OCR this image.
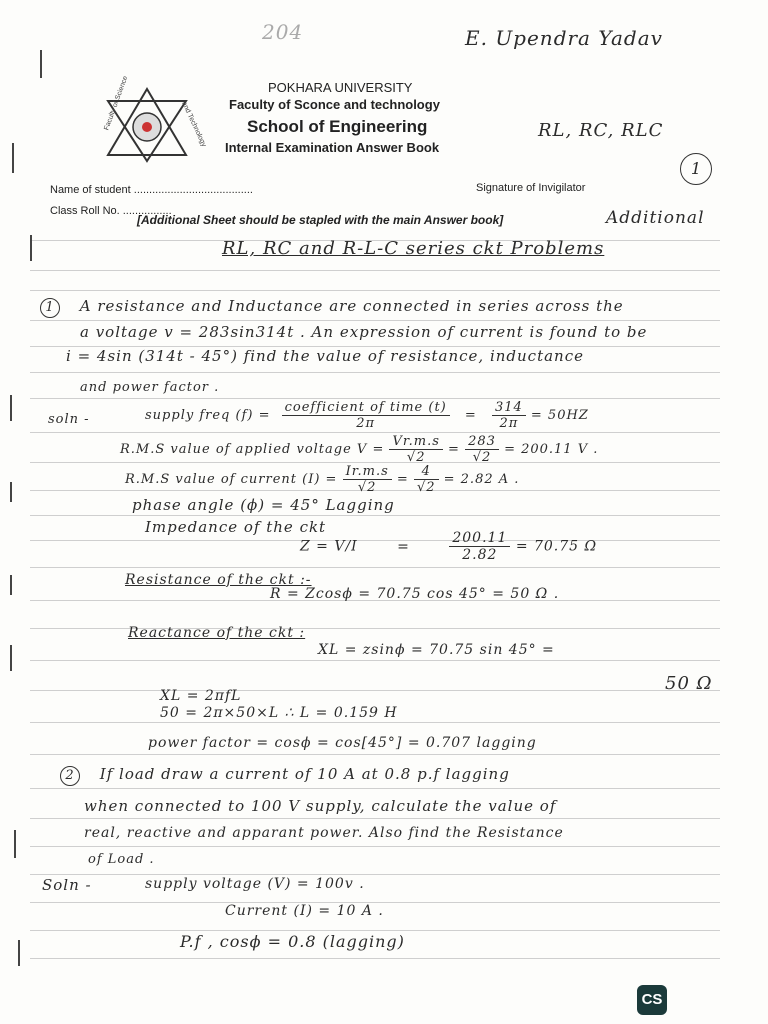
204	E. Upendra Yadav
Faculty of Science	and Technology
POKHARA UNIVERSITY
Faculty of Sconce and technology
School of Engineering
Internal Examination Answer Book
RL, RC, RLC
1
Name of student .......................................
Class Roll No. ................
Signature of Invigilator
[Additional Sheet should be stapled with the main Answer book]	Additional
RL, RC and R-L-C series ckt Problems
1 A resistance and Inductance are connected in series across the
a voltage v = 283sin314t . An expression of current is found to be
i = 4sin (314t - 45°) find the value of resistance, inductance
and power factor .
soln -	supply freq $(f) = \frac{\text{coefficient of time (t)}}{2\pi} = \frac{314}{2\pi} = 50HZ$
R.M.S value of applied voltage $V = \frac{Vr.m.s}{√2} = \frac{283}{√2} = 200.11$ V .
R.M.S value of current $(I) = \frac{Ir.m.s}{√2} = \frac{4}{√2} = 2.82$ A .
phase angle (ϕ) = 45° Lagging
Impedance of the ckt
Z = V/I	=	$\frac{200.11}{2.82} = 70.75$ Ω
Resistance of the ckt :-
R = Zcosϕ = 70.75 cos 45° = 50 Ω .
Reactance of the ckt :
XL = zsinϕ = 70.75 sin 45° =
50 Ω
XL = 2πfL
50 = 2π×50×L ∴ L = 0.159 H
power factor = cosϕ = cos[45°] = 0.707 lagging
2 If load draw a current of 10 A at 0.8 p.f lagging
when connected to 100 V supply, calculate the value of
real, reactive and apparant power. Also find the Resistance
of Load .
Soln -	supply voltage (V) = 100v .
Current (I) = 10 A .
P.f , cosϕ = 0.8 (lagging)
CS
